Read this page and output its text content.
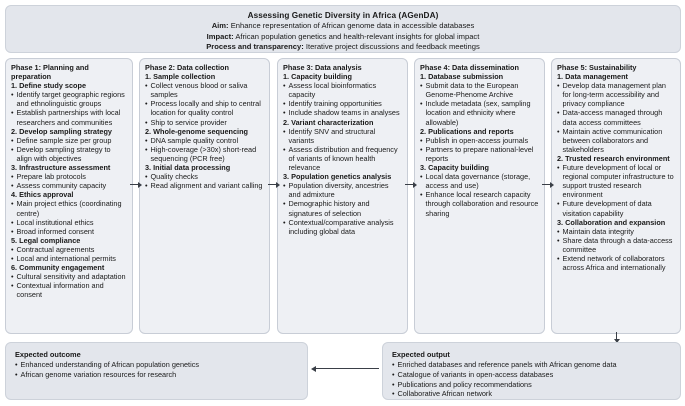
Assessing Genetic Diversity in Africa (AGenDA)
Aim: Enhance representation of African genome data in accessible databases
Impact: African population genetics and health-relevant insights for global impact
Process and transparency: Iterative project discussions and feedback meetings
Phase 1: Planning and preparation
1. Define study scope
• Identify target geographic regions and ethnolinguistic groups
• Establish partnerships with local researchers and communities
2. Develop sampling strategy
• Define sample size per group
• Develop sampling strategy to align with objectives
3. Infrastructure assessment
• Prepare lab protocols
• Assess community capacity
4. Ethics approval
• Main project ethics (coordinating centre)
• Local institutional ethics
• Broad informed consent
5. Legal compliance
• Contractual agreements
• Local and international permits
6. Community engagement
• Cultural sensitivity and adaptation
• Contextual information and consent
Phase 2: Data collection
1. Sample collection
• Collect venous blood or saliva samples
• Process locally and ship to central location for quality control
• Ship to service provider
2. Whole-genome sequencing
• DNA sample quality control
• High-coverage (>30x) short-read sequencing (PCR free)
3. Initial data processing
• Quality checks
• Read alignment and variant calling
Phase 3: Data analysis
1. Capacity building
• Assess local bioinformatics capacity
• Identify training opportunities
• Include shadow teams in analyses
2. Variant characterization
• Identify SNV and structural variants
• Assess distribution and frequency of variants of known health relevance
3. Population genetics analysis
• Population diversity, ancestries and admixture
• Demographic history and signatures of selection
• Contextual/comparative analysis including global data
Phase 4: Data dissemination
1. Database submission
• Submit data to the European Genome-Phenome Archive
• Include metadata (sex, sampling location and ethnicity where allowable)
2. Publications and reports
• Publish in open-access journals
• Partners to prepare national-level reports
3. Capacity building
• Local data governance (storage, access and use)
• Enhance local research capacity through collaboration and resource sharing
Phase 5: Sustainability
1. Data management
• Develop data management plan for long-term accessibility and privacy compliance
• Data-access managed through data access committees
• Maintain active communication between collaborators and stakeholders
2. Trusted research environment
• Future development of local or regional computer infrastructure to support trusted research environment
• Future development of data visitation capability
3. Collaboration and expansion
• Maintain data integrity
• Share data through a data-access committee
• Extend network of collaborators across Africa and internationally
Expected outcome
• Enhanced understanding of African population genetics
• African genome variation resources for research
Expected output
• Enriched databases and reference panels with African genome data
• Catalogue of variants in open-access databases
• Publications and policy recommendations
• Collaborative African network
